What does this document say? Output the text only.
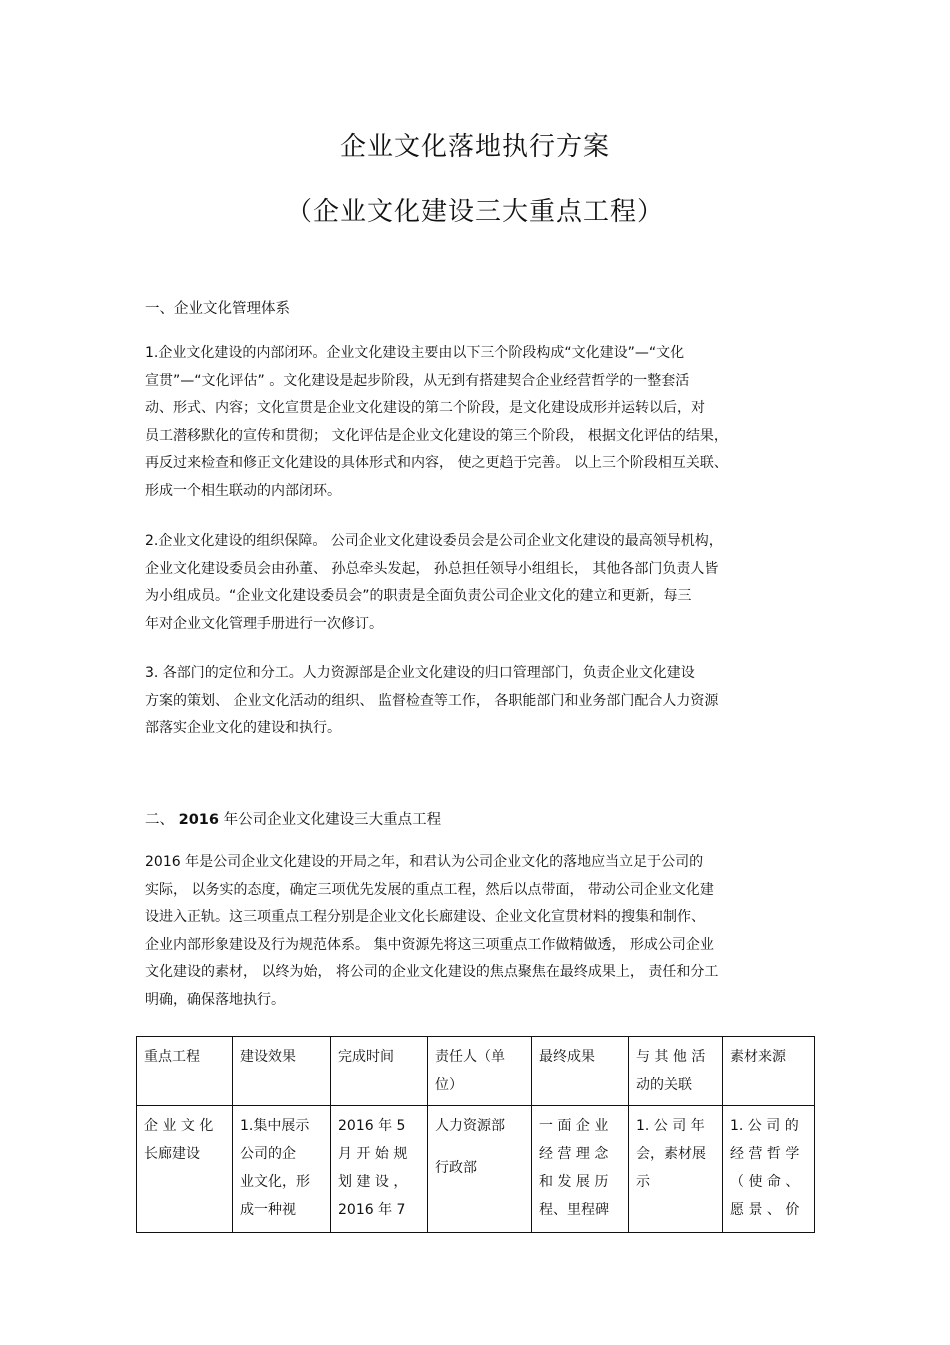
企业文化落地执行方案
（企业文化建设三大重点工程）
一、企业文化管理体系
1.企业文化建设的内部闭环。企业文化建设主要由以下三个阶段构成“文化建设”—“文化
宣贯”—“文化评估” 。文化建设是起步阶段，从无到有搭建契合企业经营哲学的一整套活
动、形式、内容；文化宣贯是企业文化建设的第二个阶段，是文化建设成形并运转以后，对
员工潜移默化的宣传和贯彻； 文化评估是企业文化建设的第三个阶段， 根据文化评估的结果，
再反过来检查和修正文化建设的具体形式和内容， 使之更趋于完善。 以上三个阶段相互关联、
形成一个相生联动的内部闭环。
2.企业文化建设的组织保障。 公司企业文化建设委员会是公司企业文化建设的最高领导机构，
企业文化建设委员会由孙董、 孙总牵头发起， 孙总担任领导小组组长， 其他各部门负责人皆
为小组成员。“企业文化建设委员会”的职责是全面负责公司企业文化的建立和更新，每三
年对企业文化管理手册进行一次修订。
3. 各部门的定位和分工。人力资源部是企业文化建设的归口管理部门，负责企业文化建设
方案的策划、 企业文化活动的组织、 监督检查等工作， 各职能部门和业务部门配合人力资源
部落实企业文化的建设和执行。
二、 2016 年公司企业文化建设三大重点工程
2016 年是公司企业文化建设的开局之年，和君认为公司企业文化的落地应当立足于公司的
实际， 以务实的态度，确定三项优先发展的重点工程，然后以点带面， 带动公司企业文化建
设进入正轨。这三项重点工程分别是企业文化长廊建设、企业文化宣贯材料的搜集和制作、
企业内部形象建设及行为规范体系。 集中资源先将这三项重点工作做精做透， 形成公司企业
文化建设的素材， 以终为始， 将公司的企业文化建设的焦点聚焦在最终成果上， 责任和分工
明确，确保落地执行。
重点工程	建设效果	完成时间	责任人（单
位）	最终成果	与 其 他 活
动的关联	素材来源

企 业 文 化
长廊建设	1.集中展示
公司的企
业文化，形
成一种视	2016 年 5
月 开 始 规
划 建 设 ，
2016 年 7	人力资源部
行政部	一 面 企 业
经 营 理 念
和 发 展 历
程、里程碑	1. 公 司 年
会，素材展
示	1. 公 司 的
经 营 哲 学
（ 使 命 、
愿 景 、 价
